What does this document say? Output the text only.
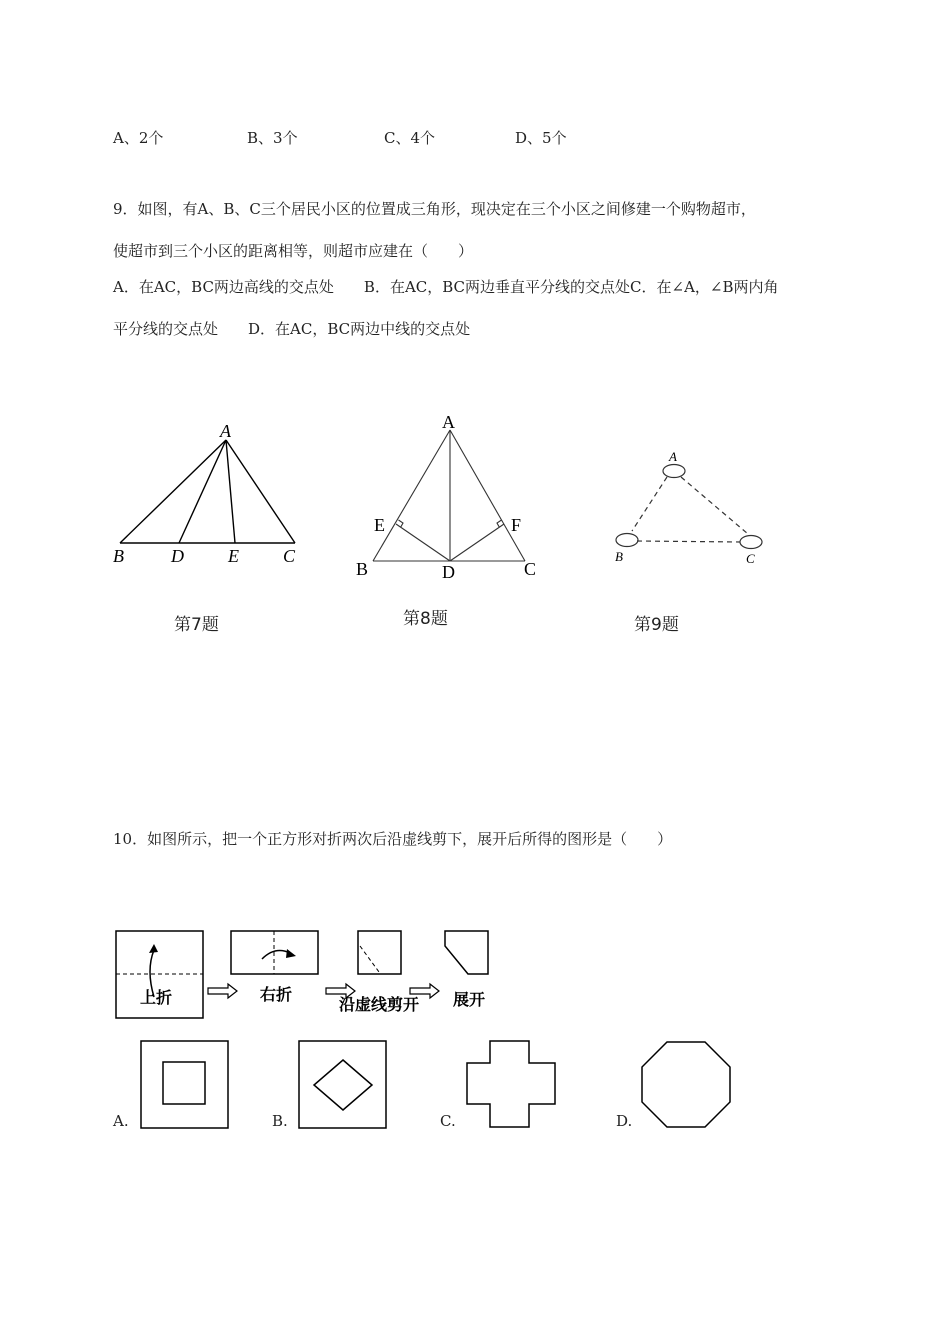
A、2个	B、3个	C、4个	D、5个
9．如图，有A、B、C三个居民小区的位置成三角形，现决定在三个小区之间修建一个购物超市，
使超市到三个小区的距离相等，则超市应建在（　　）
A．在AC，BC两边高线的交点处　　B．在AC，BC两边垂直平分线的交点处C．在∠A，∠B两内角
平分线的交点处　　D．在AC，BC两边中线的交点处
A
B	D E C
第7题
A
E	F
B	D	C
第8题
A
B	C
第9题
10．如图所示，把一个正方形对折两次后沿虚线剪下，展开后所得的图形是（　　）
上折	右折
沿虚线剪开 展开
A.	B.	C.	D.
